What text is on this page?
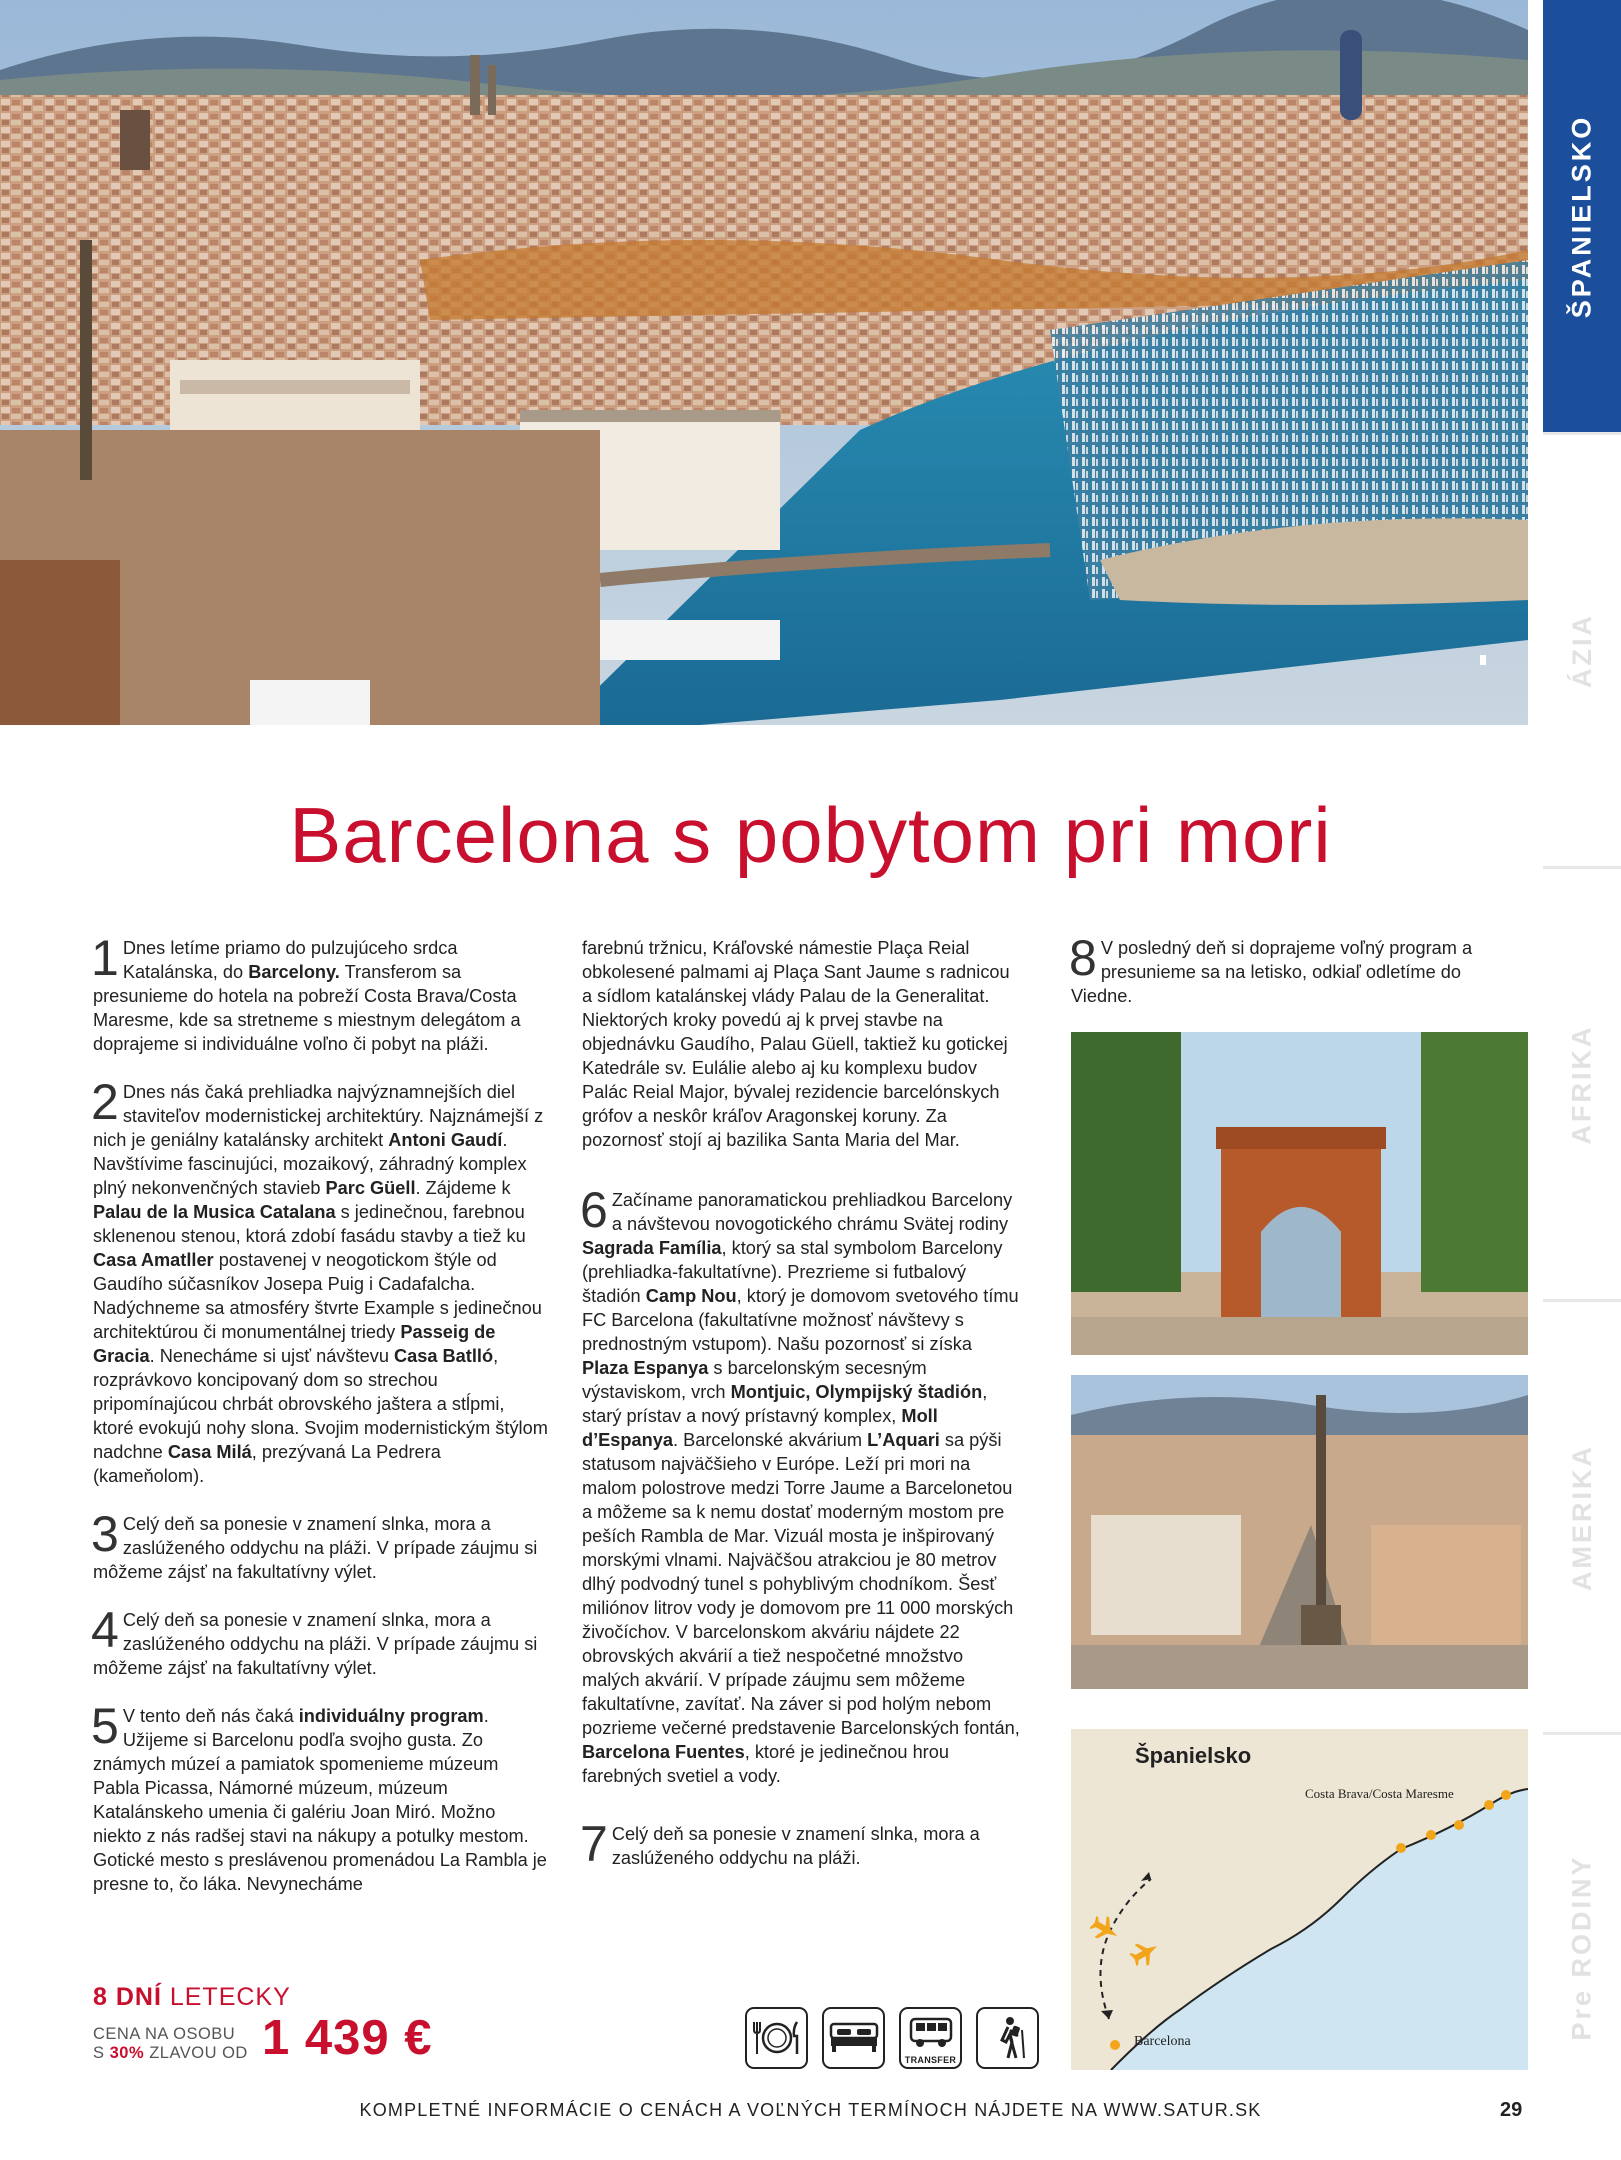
ŠPANIELSKO
ÁZIA
AFRIKA
AMERIKA
Pre RODINY
Barcelona s pobytom pri mori
1 Dnes letíme priamo do pulzujúceho srdca Katalánska, do Barcelony. Transferom sa presunieme do hotela na pobreží Costa Brava/Costa Maresme, kde sa stretneme s miestnym delegátom a doprajeme si individuálne voľno či pobyt na pláži.

2 Dnes nás čaká prehliadka najvýznamnejších diel staviteľov modernistickej architektúry. Najznámejší z nich je geniálny katalánsky architekt Antoni Gaudí. Navštívime fascinujúci, mozaikový, záhradný komplex plný nekonvenčných stavieb Parc Güell. Zájdeme k Palau de la Musica Catalana s jedinečnou, farebnou sklenenou stenou, ktorá zdobí fasádu stavby a tiež ku Casa Amatller postavenej v neogotickom štýle od Gaudího súčasníkov Josepa Puig i Cadafalcha. Nadýchneme sa atmosféry štvrte Example s jedinečnou architektúrou či monumentálnej triedy Passeig de Gracia. Nenecháme si ujsť návštevu Casa Batlló, rozprávkovo koncipovaný dom so strechou pripomínajúcou chrbát obrovského jaštera a stĺpmi, ktoré evokujú nohy slona. Svojim modernistickým štýlom nadchne Casa Milá, prezývaná La Pedrera (kameňolom).

3 Celý deň sa ponesie v znamení slnka, mora a zaslúženého oddychu na pláži. V prípade záujmu si môžeme zájsť na fakultatívny výlet.

4 Celý deň sa ponesie v znamení slnka, mora a zaslúženého oddychu na pláži. V prípade záujmu si môžeme zájsť na fakultatívny výlet.

5 V tento deň nás čaká individuálny program. Užijeme si Barcelonu podľa svojho gusta. Zo známych múzeí a pamiatok spomenieme múzeum Pabla Picassa, Námorné múzeum, múzeum Katalánskeho umenia či galériu Joan Miró. Možno niekto z nás radšej stavi na nákupy a potulky mestom. Gotické mesto s preslávenou promenádou La Rambla je presne to, čo láka. Nevynecháme

farebnú tržnicu, Kráľovské námestie Plaça Reial obkolesené palmami aj Plaça Sant Jaume s radnicou a sídlom katalánskej vlády Palau de la Generalitat. Niektorých kroky povedú aj k prvej stavbe na objednávku Gaudího, Palau Güell, taktiež ku gotickej Katedrále sv. Eulálie alebo aj ku komplexu budov Palác Reial Major, bývalej rezidencie barcelónskych grófov a neskôr kráľov Aragonskej koruny. Za pozornosť stojí aj bazilika Santa Maria del Mar.

6 Začíname panoramatickou prehliadkou Barcelony a návštevou novogotického chrámu Svätej rodiny Sagrada Família, ktorý sa stal symbolom Barcelony (prehliadka-fakultatívne). Prezrieme si futbalový štadión Camp Nou, ktorý je domovom svetového tímu FC Barcelona (fakultatívne možnosť návštevy s prednostným vstupom). Našu pozornosť si získa Plaza Espanya s barcelonským secesným výstaviskom, vrch Montjuic, Olympijský štadión, starý prístav a nový prístavný komplex, Moll d’Espanya. Barcelonské akvárium L’Aquari sa pýši statusom najväčšieho v Európe. Leží pri mori na malom polostrove medzi Torre Jaume a Barcelonetou a môžeme sa k nemu dostať moderným mostom pre peších Rambla de Mar. Vizuál mosta je inšpirovaný morskými vlnami. Najväčšou atrakciou je 80 metrov dlhý podvodný tunel s pohyblivým chodníkom. Šesť miliónov litrov vody je domovom pre 11 000 morských živočíchov. V barcelonskom akváriu nájdete 22 obrovských akvárií a tiež nespočetné množstvo malých akvárií. V prípade záujmu sem môžeme fakultatívne, zavítať. Na záver si pod holým nebom pozrieme večerné predstavenie Barcelonských fontán, Barcelona Fuentes, ktoré je jedinečnou hrou farebných svetiel a vody.

7 Celý deň sa ponesie v znamení slnka, mora a zaslúženého oddychu na pláži.

8 V posledný deň si doprajeme voľný program a presunieme sa na letisko, odkiaľ odletíme do Viedne.

Španielsko
Costa Brava/Costa Maresme
Barcelona
8 DNÍ LETECKY
CENA NA OSOBU
S 30% ZLAVOU OD 1 439 €	TRANSFER
KOMPLETNÉ INFORMÁCIE O CENÁCH A VOĽNÝCH TERMÍNOCH NÁJDETE NA WWW.SATUR.SK	29
